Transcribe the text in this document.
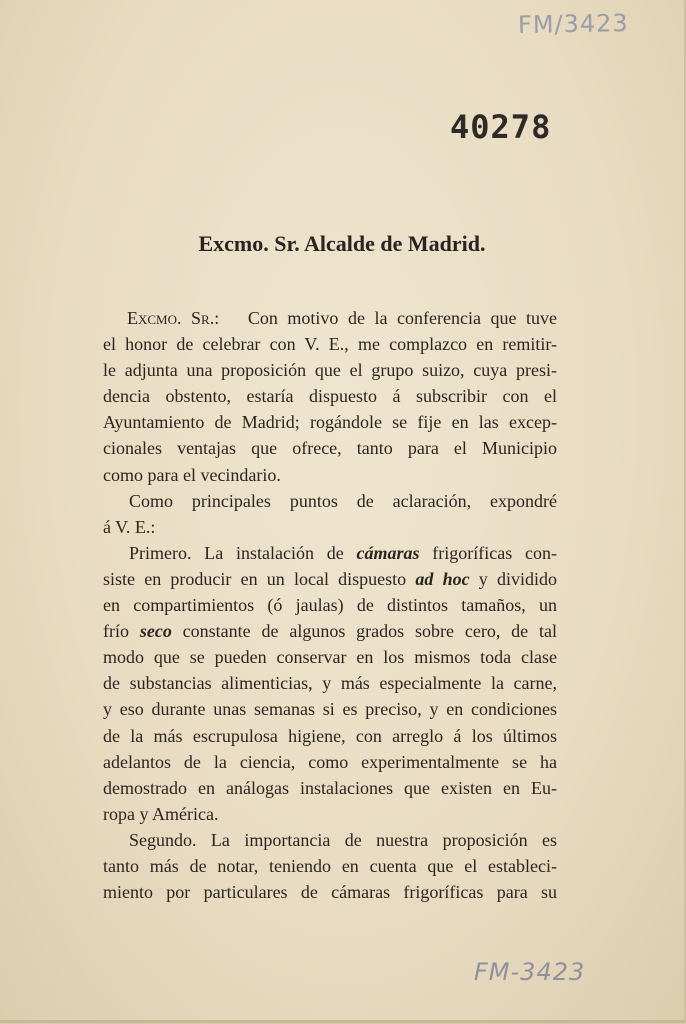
FM/3423
40278
Excmo. Sr. Alcalde de Madrid.
Excmo. Sr.: Con motivo de la conferencia que tuve
el honor de celebrar con V. E., me complazco en remitir-
le adjunta una proposición que el grupo suizo, cuya presi-
dencia obstento, estaría dispuesto á subscribir con el
Ayuntamiento de Madrid; rogándole se fije en las excep-
cionales ventajas que ofrece, tanto para el Municipio
como para el vecindario.
Como principales puntos de aclaración, expondré
á V. E.:
Primero. La instalación de cámaras frigoríficas con-
siste en producir en un local dispuesto ad hoc y dividido
en compartimientos (ó jaulas) de distintos tamaños, un
frío seco constante de algunos grados sobre cero, de tal
modo que se pueden conservar en los mismos toda clase
de substancias alimenticias, y más especialmente la carne,
y eso durante unas semanas si es preciso, y en condiciones
de la más escrupulosa higiene, con arreglo á los últimos
adelantos de la ciencia, como experimentalmente se ha
demostrado en análogas instalaciones que existen en Eu-
ropa y América.
Segundo. La importancia de nuestra proposición es
tanto más de notar, teniendo en cuenta que el estableci-
miento por particulares de cámaras frigoríficas para su
FM-3423
